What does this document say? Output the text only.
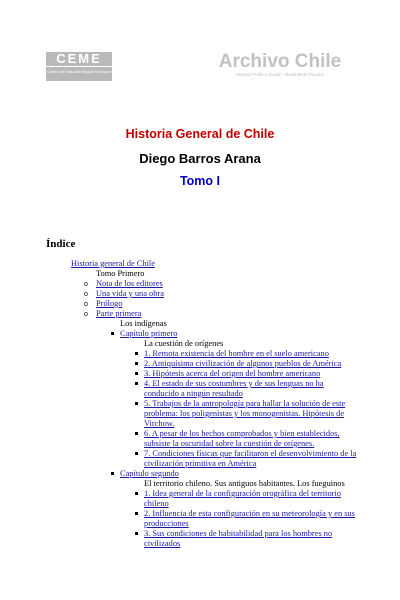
CEME
Centro de Estudios Miguel Enríquez	Archivo Chile
Historia Político Social - Movimiento Popular
Historia General de Chile
Diego Barros Arana
Tomo I
Índice
Historia general de Chile
Tomo Primero
o Nota de los editores
o Una vida y una obra
o Prólogo
o Parte primera
Los indígenas
Capítulo primero
La cuestión de orígenes
1. Remota existencia del hombre en el suelo americano
2. Antiquísima civilización de algunos pueblos de América
3. Hipótesis acerca del origen del hombre americano
4. El estado de sus costumbres y de sus lenguas no ha
conducido a ningún resultado
5. Trabajos de la antropología para hallar la solución de este
problema: los poligenistas y los monogenistas. Hipótesis de
Virchow.
6. A pesar de los hechos comprobados y bien establecidos,
subsiste la oscuridad sobre la cuestión de orígenes.
7. Condiciones físicas que facilitaron el desenvolvimiento de la
civilización primitiva en América
Capítulo segundo
El territorio chileno. Sus antiguos habitantes. Los fueguinos
1. Idea general de la configuración orográfica del territorio
chileno
2. Influencia de esta configuración en su meteorología y en sus
producciones
3. Sus condiciones de habitabilidad para los hombres no
civilizados
